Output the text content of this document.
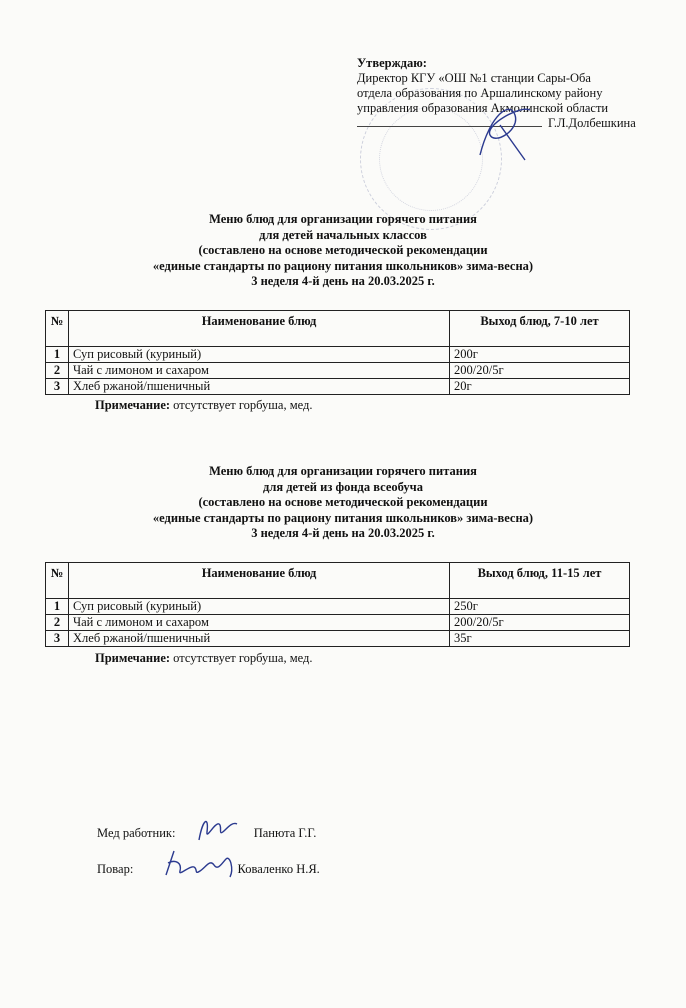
Утверждаю:
Директор КГУ «ОШ №1 станции Сары-Оба
отдела образования по Аршалинскому району
управления образования Акмолинской области
Г.Л.Долбешкина
Меню блюд для организации горячего питания
для детей начальных классов
(составлено на основе методической рекомендации
«единые стандарты по рациону питания школьников» зима-весна)
3 неделя 4-й день на 20.03.2025 г.
№	Наименование блюд	Выход блюд, 7-10 лет
1	Суп рисовый (куриный)	200г
2	Чай с лимоном и сахаром	200/20/5г
3	Хлеб ржаной/пшеничный	20г
Примечание: отсутствует горбуша, мед.
Меню блюд для организации горячего питания
для детей из фонда всеобуча
(составлено на основе методической рекомендации
«единые стандарты по рациону питания школьников» зима-весна)
3 неделя 4-й день на 20.03.2025 г.
№	Наименование блюд	Выход блюд, 11-15 лет
1	Суп рисовый (куриный)	250г
2	Чай с лимоном и сахаром	200/20/5г
3	Хлеб ржаной/пшеничный	35г
Примечание: отсутствует горбуша, мед.
Мед работник:	Панюта Г.Г.
Повар:	Коваленко Н.Я.
